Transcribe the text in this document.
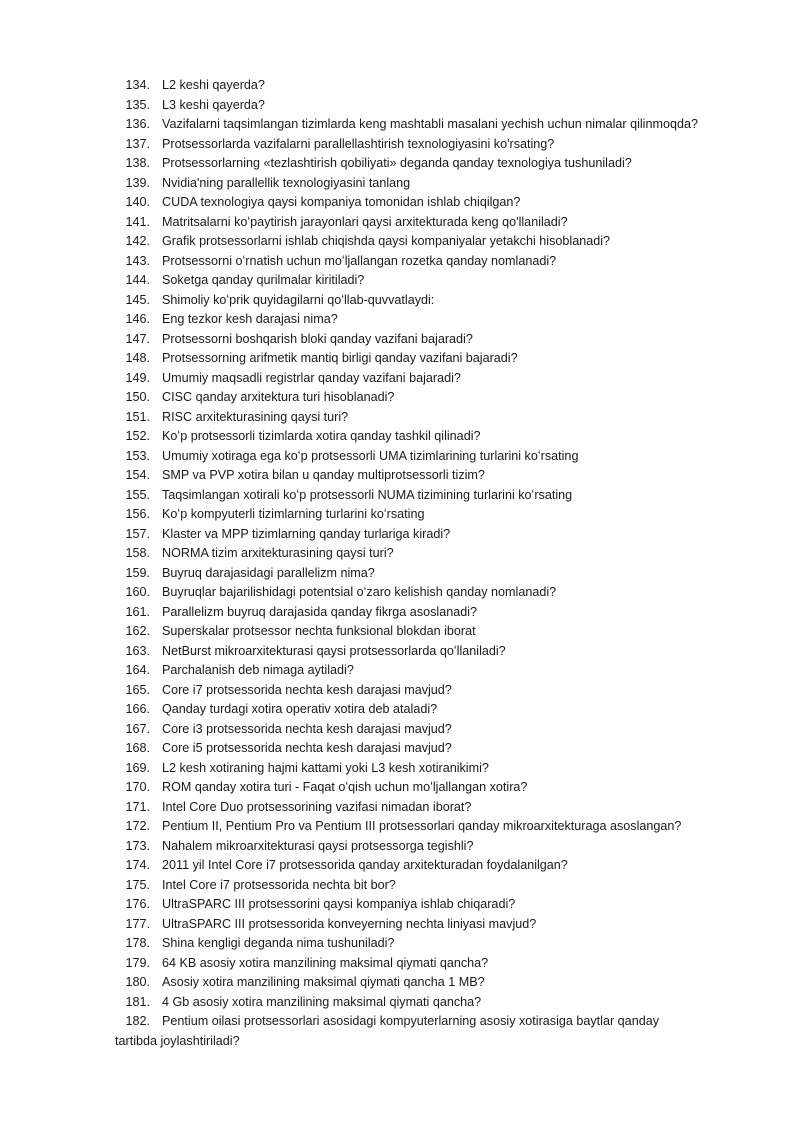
134. L2 keshi qayerda?
135. L3 keshi qayerda?
136. Vazifalarni taqsimlangan tizimlarda keng mashtabli masalani yechish uchun nimalar qilinmoqda?
137. Protsessorlarda vazifalarni parallellashtirish texnologiyasini ko'rsating?
138. Protsessorlarning «tezlashtirish qobiliyati» deganda qanday texnologiya tushuniladi?
139. Nvidia'ning parallellik texnologiyasini tanlang
140. CUDA texnologiya qaysi kompaniya tomonidan ishlab chiqilgan?
141. Matritsalarni koʻpaytirish jarayonlari qaysi arxitekturada keng qo'llaniladi?
142. Grafik protsessorlarni ishlab chiqishda qaysi kompaniyalar yetakchi hisoblanadi?
143. Protsessorni oʻrnatish uchun moʻljallangan rozetka qanday nomlanadi?
144. Soketga qanday qurilmalar kiritiladi?
145. Shimoliy koʻprik quyidagilarni qoʻllab-quvvatlaydi:
146. Eng tezkor kesh darajasi nima?
147. Protsessorni boshqarish bloki qanday vazifani bajaradi?
148. Protsessorning arifmetik mantiq birligi qanday vazifani bajaradi?
149. Umumiy maqsadli registrlar qanday vazifani bajaradi?
150. CISC qanday arxitektura turi hisoblanadi?
151. RISC arxitekturasining qaysi turi?
152. Koʻp protsessorli tizimlarda xotira qanday tashkil qilinadi?
153. Umumiy xotiraga ega koʻp protsessorli UMA tizimlarining turlarini koʻrsating
154. SMP va PVP xotira bilan u qanday multiprotsessorli tizim?
155. Taqsimlangan xotirali koʻp protsessorli NUMA tizimining turlarini koʻrsating
156. Koʻp kompyuterli tizimlarning turlarini koʻrsating
157. Klaster va MPP tizimlarning qanday turlariga kiradi?
158. NORMA tizim arxitekturasining qaysi turi?
159. Buyruq darajasidagi parallelizm nima?
160. Buyruqlar bajarilishidagi potentsial oʻzaro kelishish qanday nomlanadi?
161. Parallelizm buyruq darajasida qanday fikrga asoslanadi?
162. Superskalar protsessor nechta funksional blokdan iborat
163. NetBurst mikroarxitekturasi qaysi protsessorlarda qoʻllaniladi?
164. Parchalanish deb nimaga aytiladi?
165. Core i7 protsessorida nechta kesh darajasi mavjud?
166. Qanday turdagi xotira operativ xotira deb ataladi?
167. Core i3 protsessorida nechta kesh darajasi mavjud?
168. Core i5 protsessorida nechta kesh darajasi mavjud?
169. L2 kesh xotiraning hajmi kattami yoki L3 kesh xotiranikimi?
170. ROM qanday xotira turi - Faqat oʻqish uchun moʻljallangan xotira?
171. Intel Core Duo protsessorining vazifasi nimadan iborat?
172. Pentium II, Pentium Pro va Pentium III protsessorlari qanday mikroarxitekturaga asoslangan?
173. Nahalem mikroarxitekturasi qaysi protsessorga tegishli?
174. 2011 yil Intel Core i7 protsessorida qanday arxitekturadan foydalanilgan?
175. Intel Core i7 protsessorida nechta bit bor?
176. UltraSPARC III protsessorini qaysi kompaniya ishlab chiqaradi?
177. UltraSPARC III protsessorida konveyerning nechta liniyasi mavjud?
178. Shina kengligi deganda nima tushuniladi?
179. 64 KB asosiy xotira manzilining maksimal qiymati qancha?
180. Asosiy xotira manzilining maksimal qiymati qancha 1 MB?
181. 4 Gb asosiy xotira manzilining maksimal qiymati qancha?
182. Pentium oilasi protsessorlari asosidagi kompyuterlarning asosiy xotirasiga baytlar qanday
tartibda joylashtiriladi?
